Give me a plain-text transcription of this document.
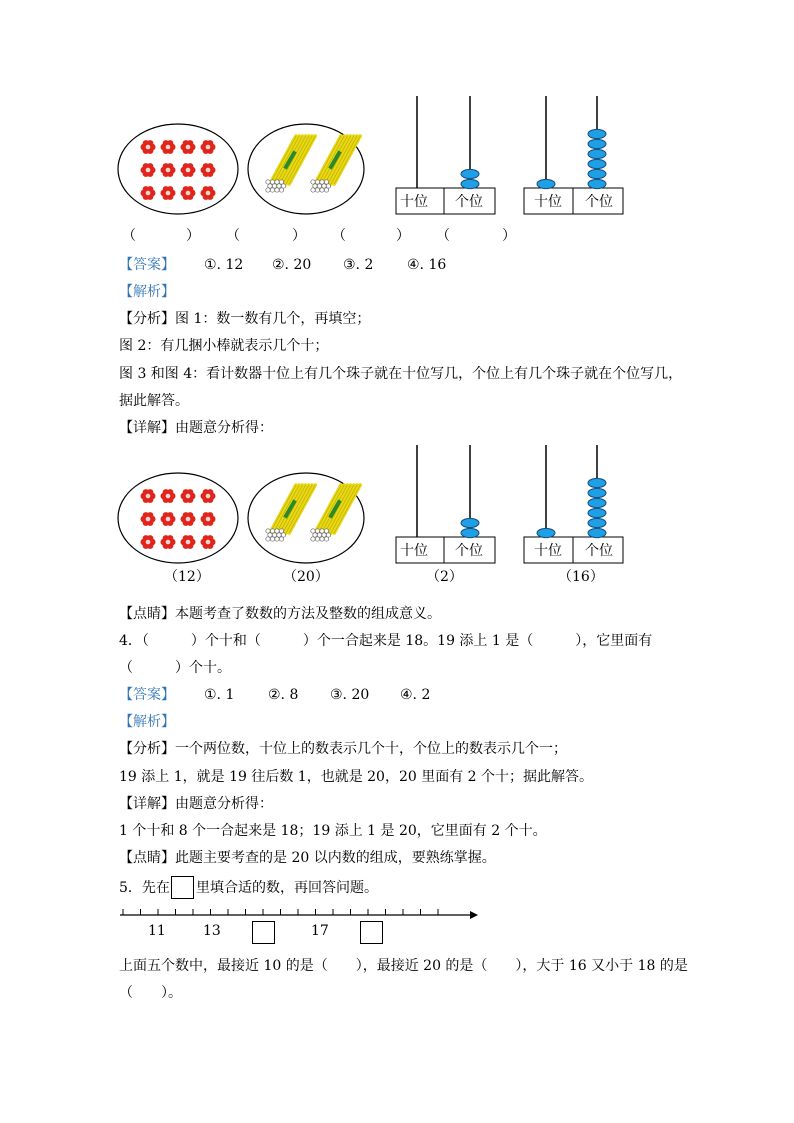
十位 个位	十位 个位
（	） （	） （	） （	）
【答案】 ①. 12 ②. 20 ③. 2 ④. 16
【解析】
【分析】图 1：数一数有几个，再填空；
图 2：有几捆小棒就表示几个十；
图 3 和图 4：看计数器十位上有几个珠子就在十位写几，个位上有几个珠子就在个位写几，
据此解答。
【详解】由题意分析得：
十位 个位	十位 个位
（12）	（20）	（2）	（16）
【点睛】本题考查了数数的方法及整数的组成意义。
4．（　　　）个十和（　　　）个一合起来是 18。19 添上 1 是（　　　），它里面有
（　　　）个十。
【答案】 ①. 1 ②. 8 ③. 20 ④. 2
【解析】
【分析】一个两位数，十位上的数表示几个十，个位上的数表示几个一；
19 添上 1，就是 19 往后数 1，也就是 20，20 里面有 2 个十；据此解答。
【详解】由题意分析得：
1 个十和 8 个一合起来是 18；19 添上 1 是 20，它里面有 2 个十。
【点睛】此题主要考查的是 20 以内数的组成，要熟练掌握。
5．先在 里填合适的数，再回答问题。
11	13	17
上面五个数中，最接近 10 的是（　　），最接近 20 的是（　　），大于 16 又小于 18 的是
（　　）。
